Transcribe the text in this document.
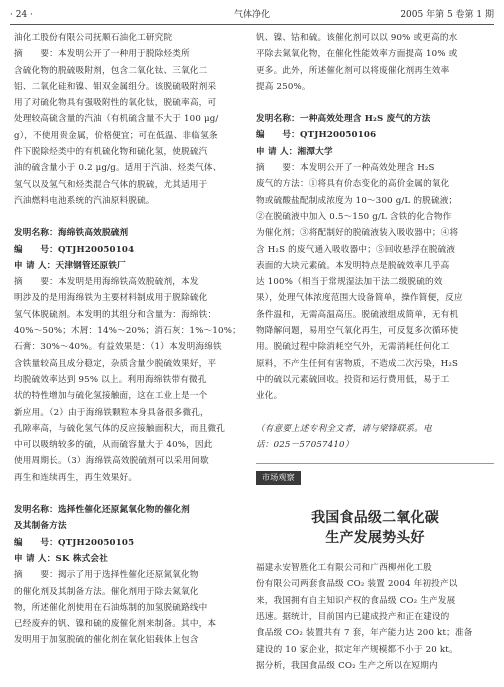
· 24 ·	气体净化	2005 年第 5 卷第 1 期
油化工股份有限公司抚顺石油化工研究院
摘　　要：本发明公开了一种用于脱除烃类所
含硫化物的脱硫吸附剂，包含二氧化钛、三氧化二
铝、二氧化硅和镍、钼双金属组分。该脱硫吸附剂采
用了对硫化物具有强吸附性的氧化钛，脱硫率高，可
处理较高硫含量的汽油（有机硫含量不大于 100 μg/
g），不使用贵金属，价格便宜；可在低温、非临氢条
件下脱除烃类中的有机硫化物和硫化氢，使脱硫汽
油的硫含量小于 0.2 μg/g。适用于汽油、烃类气体、
氢气以及氢气和烃类混合气体的脱硫，尤其适用于
汽油燃料电池系统的汽油原料脱硫。
发明名称：海绵铁高效脱硫剂
编　　号：QTJH20050104
申 请 人：天津钢管还原铁厂
摘　　要：本发明是用海绵铁高效脱硫剂，本发
明涉及的是用海绵铁为主要材料制成用于脱除硫化
氢气体脱硫剂。本发明的其组分和含量为：海绵铁：
40%～50%；木屑：14%～20%；消石灰：1%～10%；
石膏：30%～40%。有益效果是：（1）本发明海绵铁
含铁量较高且成分稳定，杂质含量少脱硫效果好，平
均脱硫效率达到 95% 以上。利用海绵铁带有微孔
状的特性增加与硫化氢接触面，这在工业上是一个
新应用。（2）由于海绵铁颗粒本身具备很多微孔，
孔隙率高，与硫化氢气体的反应接触面积大，而且微孔
中可以吸纳较多的硫，从而硫容量大于 40%，因此
使用周期长。（3）海绵铁高效脱硫剂可以采用间歇
再生和连续再生，再生效果好。
发明名称：选择性催化还原氮氧化物的催化剂
及其制备方法
编　　号：QTJH20050105
申 请 人：SK 株式会社
摘　　要：揭示了用于选择性催化还原氮氧化物
的催化剂及其制备方法。催化剂用于除去氮氧化
物，所述催化剂使用在石油炼制的加氢脱硫路线中
已经废弃的钒、镍和硫的废催化剂来制备。其中，本
发明用于加氢脱硫的催化剂在氧化铝载体上包含
钒、镍、钴和硫。该催化剂可以以 90% 或更高的水
平除去氮氧化物，在催化性能效率方面提高 10% 或
更多。此外，所述催化剂可以将废催化剂再生效率
提高 250%。
发明名称：一种高效处理含 H₂S 废气的方法
编　　号：QTJH20050106
申 请 人：湘潭大学
摘　　要：本发明公开了一种高效处理含 H₂S
废气的方法：①将具有价态变化的高价金属的氧化
物或硫酸盐配制成浓度为 10～300 g/L 的脱硫液；
②在脱硫液中加入 0.5～150 g/L 含铁的化合物作
为催化剂；③将配制好的脱硫液装入吸收器中；④将
含 H₂S 的废气通入吸收器中；⑤回收悬浮在脱硫液
表面的大块元素硫。本发明特点是脱硫效率几乎高
达 100%（相当于常规湿法加干法二级脱硫的效
果），处理气体浓度范围大设备简单，操作简便，反应
条件温和，无需高温高压。脱硫液组成简单，无有机
物降解问题，易用空气氧化再生，可反复多次循环使
用。脱硫过程中除消耗空气外，无需消耗任何化工
原料，不产生任何有害物质，不造成二次污染，H₂S
中的硫以元素硫回收。投资和运行费用低，易于工
业化。
（有意要上述专利全文者，请与梁锋联系。电
话：025－57057410）
市场观察
我国食品级二氧化碳
生产发展势头好
福建永安智胜化工有限公司和广西柳州化工股
份有限公司两套食品级 CO₂ 装置 2004 年初投产以
来，我国拥有自主知识产权的食品级 CO₂ 生产发展
迅速。据统计，目前国内已建成投产和正在建设的
食品级 CO₂ 装置共有 7 套，年产能力达 200 kt；准备
建设的 10 家企业，拟定年产规模都不小于 20 kt。
据分析，我国食品级 CO₂ 生产之所以在短期内
